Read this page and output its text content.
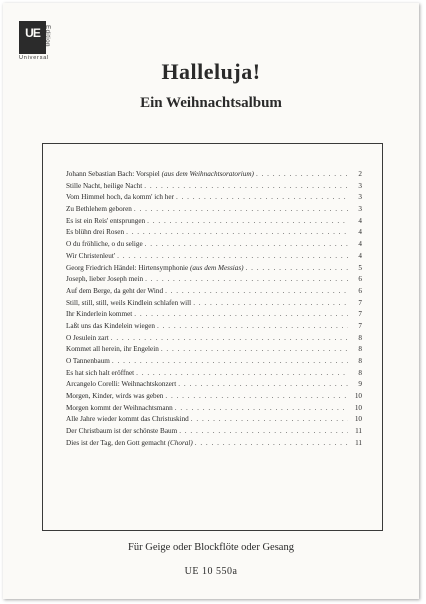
UE Edition
Universal
Halleluja!
Ein Weihnachtsalbum
Johann Sebastian Bach: Vorspiel (aus dem Weihnachtsoratorium) . . .	2
Stille Nacht, heilige Nacht . . .	3
Vom Himmel hoch, da komm' ich her . . .	3
Zu Bethlehem geboren . . .	3
Es ist ein Reis' entsprungen . . .	4
Es blühn drei Rosen . . .	4
O du fröhliche, o du selige . . .	4
Wir Christenleut' . . .	4
Georg Friedrich Händel: Hirtensymphonie (aus dem Messias) . . .	5
Joseph, lieber Joseph mein . . .	6
Auf dem Berge, da geht der Wind . . .	6
Still, still, still, weils Kindlein schlafen will . . .	7
Ihr Kinderlein kommet . . .	7
Laßt uns das Kindelein wiegen . . .	7
O Jesulein zart . . .	8
Kommet all herein, ihr Engelein . . .	8
O Tannenbaum . . .	8
Es hat sich halt eröffnet . . .	8
Arcangelo Corelli: Weihnachtskonzert . . .	9
Morgen, Kinder, wirds was geben . . .	10
Morgen kommt der Weihnachtsmann . . .	10
Alle Jahre wieder kommt das Christuskind . . .	10
Der Christbaum ist der schönste Baum . . .	11
Dies ist der Tag, den Gott gemacht (Choral) . . .	11
Für Geige oder Blockflöte oder Gesang
UE 10 550a
